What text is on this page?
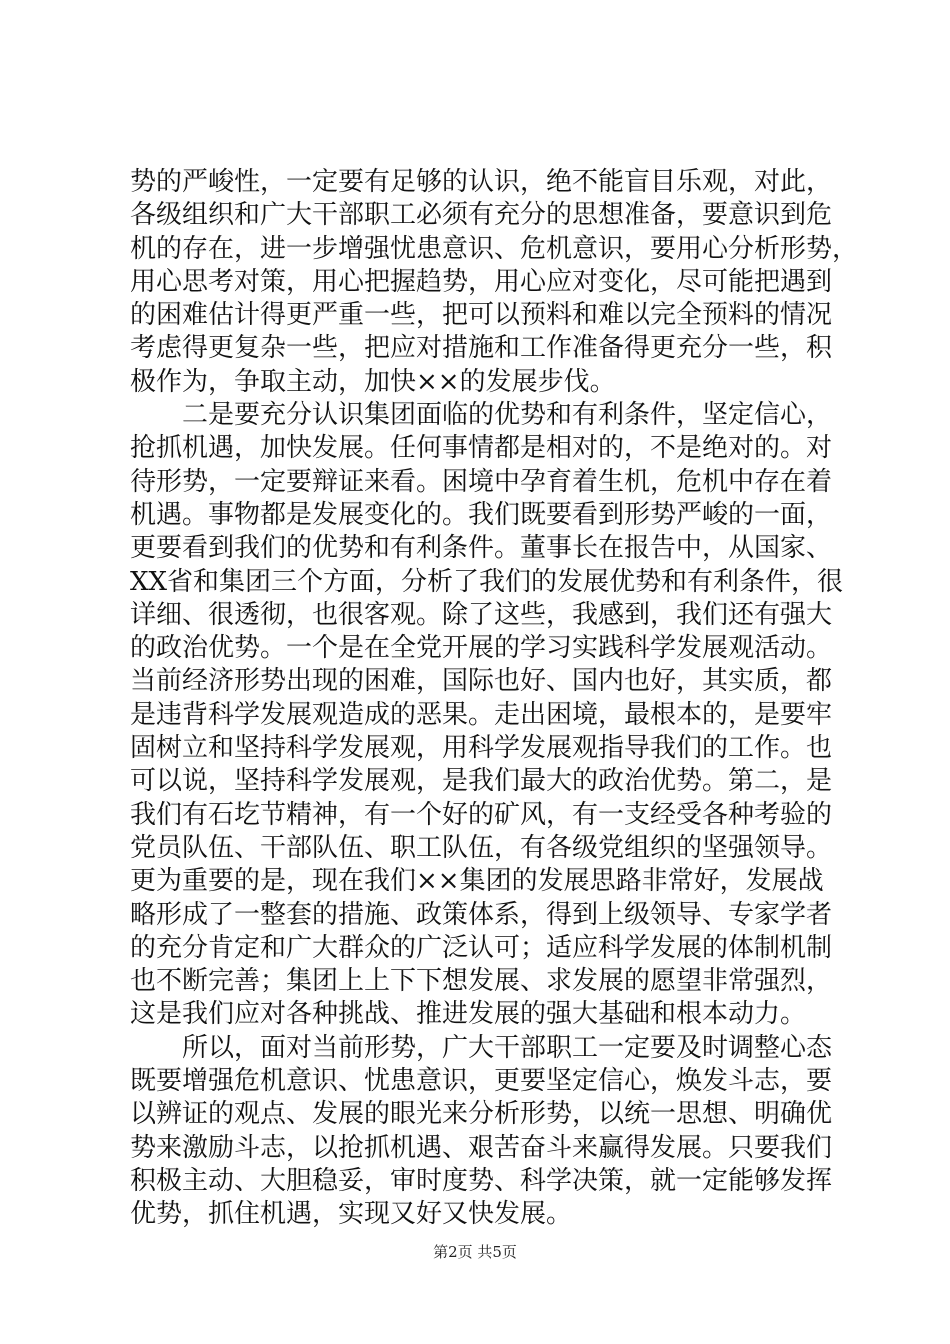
势的严峻性，一定要有足够的认识，绝不能盲目乐观，对此，
各级组织和广大干部职工必须有充分的思想准备，要意识到危
机的存在，进一步增强忧患意识、危机意识，要用心分析形势，
用心思考对策，用心把握趋势，用心应对变化，尽可能把遇到
的困难估计得更严重一些，把可以预料和难以完全预料的情况
考虑得更复杂一些，把应对措施和工作准备得更充分一些，积
极作为，争取主动，加快××的发展步伐。
　　二是要充分认识集团面临的优势和有利条件，坚定信心，
抢抓机遇，加快发展。任何事情都是相对的，不是绝对的。对
待形势，一定要辩证来看。困境中孕育着生机，危机中存在着
机遇。事物都是发展变化的。我们既要看到形势严峻的一面，
更要看到我们的优势和有利条件。董事长在报告中，从国家、
XX省和集团三个方面，分析了我们的发展优势和有利条件，很
详细、很透彻，也很客观。除了这些，我感到，我们还有强大
的政治优势。一个是在全党开展的学习实践科学发展观活动。
当前经济形势出现的困难，国际也好、国内也好，其实质，都
是违背科学发展观造成的恶果。走出困境，最根本的，是要牢
固树立和坚持科学发展观，用科学发展观指导我们的工作。也
可以说，坚持科学发展观，是我们最大的政治优势。第二，是
我们有石圪节精神，有一个好的矿风，有一支经受各种考验的
党员队伍、干部队伍、职工队伍，有各级党组织的坚强领导。
更为重要的是，现在我们××集团的发展思路非常好，发展战
略形成了一整套的措施、政策体系，得到上级领导、专家学者
的充分肯定和广大群众的广泛认可；适应科学发展的体制机制
也不断完善；集团上上下下想发展、求发展的愿望非常强烈，
这是我们应对各种挑战、推进发展的强大基础和根本动力。
　　所以，面对当前形势，广大干部职工一定要及时调整心态
既要增强危机意识、忧患意识，更要坚定信心，焕发斗志，要
以辨证的观点、发展的眼光来分析形势，以统一思想、明确优
势来激励斗志，以抢抓机遇、艰苦奋斗来赢得发展。只要我们
积极主动、大胆稳妥，审时度势、科学决策，就一定能够发挥
优势，抓住机遇，实现又好又快发展。
第2页 共5页
